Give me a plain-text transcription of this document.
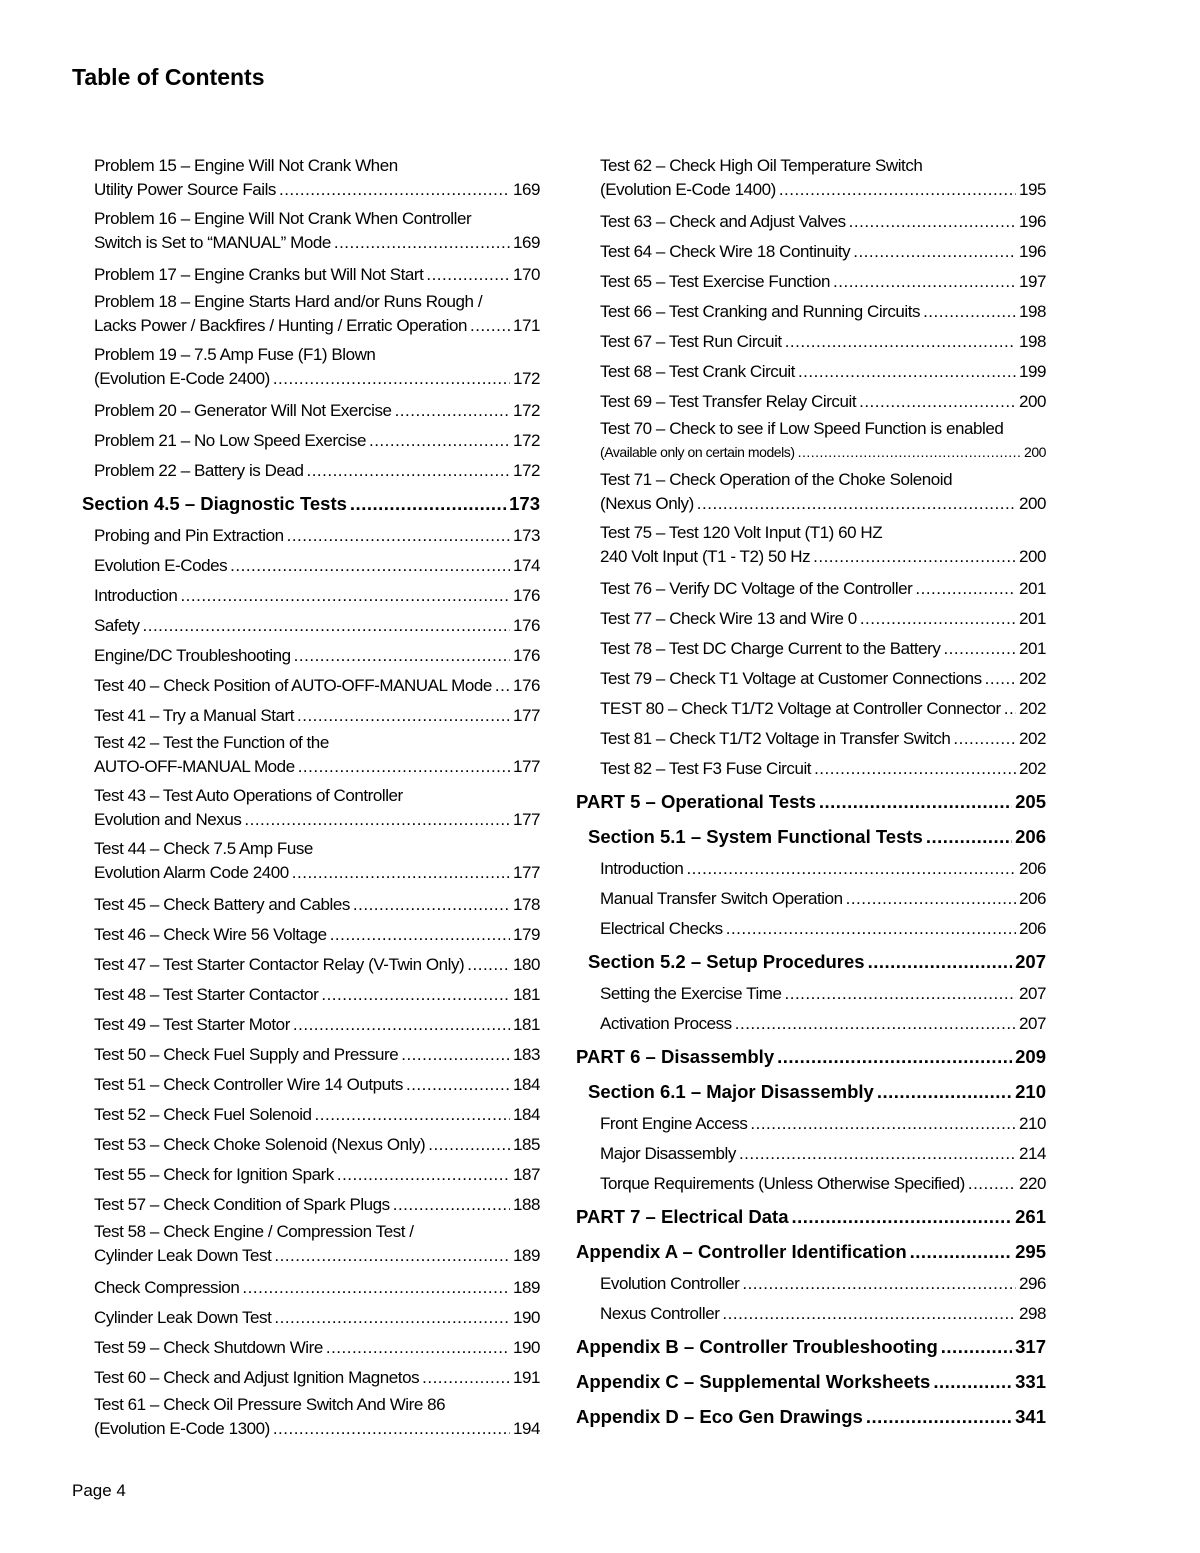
Table of Contents
Problem 15 – Engine Will Not Crank When
Utility Power Source Fails .....	169
Problem 16 – Engine Will Not Crank When Controller
Switch is Set to “MANUAL” Mode .....	169
Problem 17 – Engine Cranks but Will Not Start .....	170
Problem 18 – Engine Starts Hard and/or Runs Rough /
Lacks Power / Backfires / Hunting / Erratic Operation .....	171
Problem 19 – 7.5 Amp Fuse (F1) Blown
(Evolution E-Code 2400) .....	172
Problem 20 – Generator Will Not Exercise .....	172
Problem 21 – No Low Speed Exercise .....	172
Problem 22 – Battery is Dead .....	172
Section 4.5 – Diagnostic Tests .....	173
Probing and Pin Extraction .....	173
Evolution E-Codes .....	174
Introduction .....	176
Safety .....	176
Engine/DC Troubleshooting .....	176
Test 40 – Check Position of AUTO-OFF-MANUAL Mode ..... 176
Test 41 – Try a Manual Start .....	177
Test 42 – Test the Function of the
AUTO-OFF-MANUAL Mode .....	177
Test 43 – Test Auto Operations of Controller
Evolution and Nexus .....	177
Test 44 – Check 7.5 Amp Fuse
Evolution Alarm Code 2400 .....	177
Test 45 – Check Battery and Cables .....	178
Test 46 – Check Wire 56 Voltage .....	179
Test 47 – Test Starter Contactor Relay (V-Twin Only) .....	180
Test 48 – Test Starter Contactor .....	181
Test 49 – Test Starter Motor .....	181
Test 50 – Check Fuel Supply and Pressure .....	183
Test 51 – Check Controller Wire 14 Outputs .....	184
Test 52 – Check Fuel Solenoid .....	184
Test 53 – Check Choke Solenoid (Nexus Only) .....	185
Test 55 – Check for Ignition Spark .....	187
Test 57 – Check Condition of Spark Plugs .....	188
Test 58 – Check Engine / Compression Test /
Cylinder Leak Down Test .....	189
Check Compression .....	189
Cylinder Leak Down Test .....	190
Test 59 – Check Shutdown Wire .....	190
Test 60 – Check and Adjust Ignition Magnetos .....	191
Test 61 – Check Oil Pressure Switch And Wire 86
(Evolution E-Code 1300) .....	194
Test 62 – Check High Oil Temperature Switch
(Evolution E-Code 1400) .....	195
Test 63 – Check and Adjust Valves .....	196
Test 64 – Check Wire 18 Continuity .....	196
Test 65 – Test Exercise Function .....	197
Test 66 – Test Cranking and Running Circuits .....	198
Test 67 – Test Run Circuit .....	198
Test 68 – Test Crank Circuit .....	199
Test 69 – Test Transfer Relay Circuit .....	200
Test 70 – Check to see if Low Speed Function is enabled
(Available only on certain models) .....	200
Test 71 – Check Operation of the Choke Solenoid
(Nexus Only) .....	200
Test 75 – Test 120 Volt Input (T1) 60 HZ
240 Volt Input (T1 - T2) 50 Hz .....	200
Test 76 – Verify DC Voltage of the Controller .....	201
Test 77 – Check Wire 13 and Wire 0 .....	201
Test 78 – Test DC Charge Current to the Battery .....	201
Test 79 – Check T1 Voltage at Customer Connections ..... 202
TEST 80 – Check T1/T2 Voltage at Controller Connector ..... 202
Test 81 – Check T1/T2 Voltage in Transfer Switch .....	202
Test 82 – Test F3 Fuse Circuit .....	202
PART 5 – Operational Tests .....	205
Section 5.1 – System Functional Tests .....	206
Introduction .....	206
Manual Transfer Switch Operation .....	206
Electrical Checks .....	206
Section 5.2 – Setup Procedures .....	207
Setting the Exercise Time .....	207
Activation Process .....	207
PART 6 – Disassembly .....	209
Section 6.1 – Major Disassembly .....	210
Front Engine Access .....	210
Major Disassembly .....	214
Torque Requirements (Unless Otherwise Specified) .....	220
PART 7 – Electrical Data .....	261
Appendix A – Controller Identification .....	295
Evolution Controller .....	296
Nexus Controller .....	298
Appendix B – Controller Troubleshooting .....	317
Appendix C – Supplemental Worksheets .....	331
Appendix D – Eco Gen Drawings .....	341
Page 4
